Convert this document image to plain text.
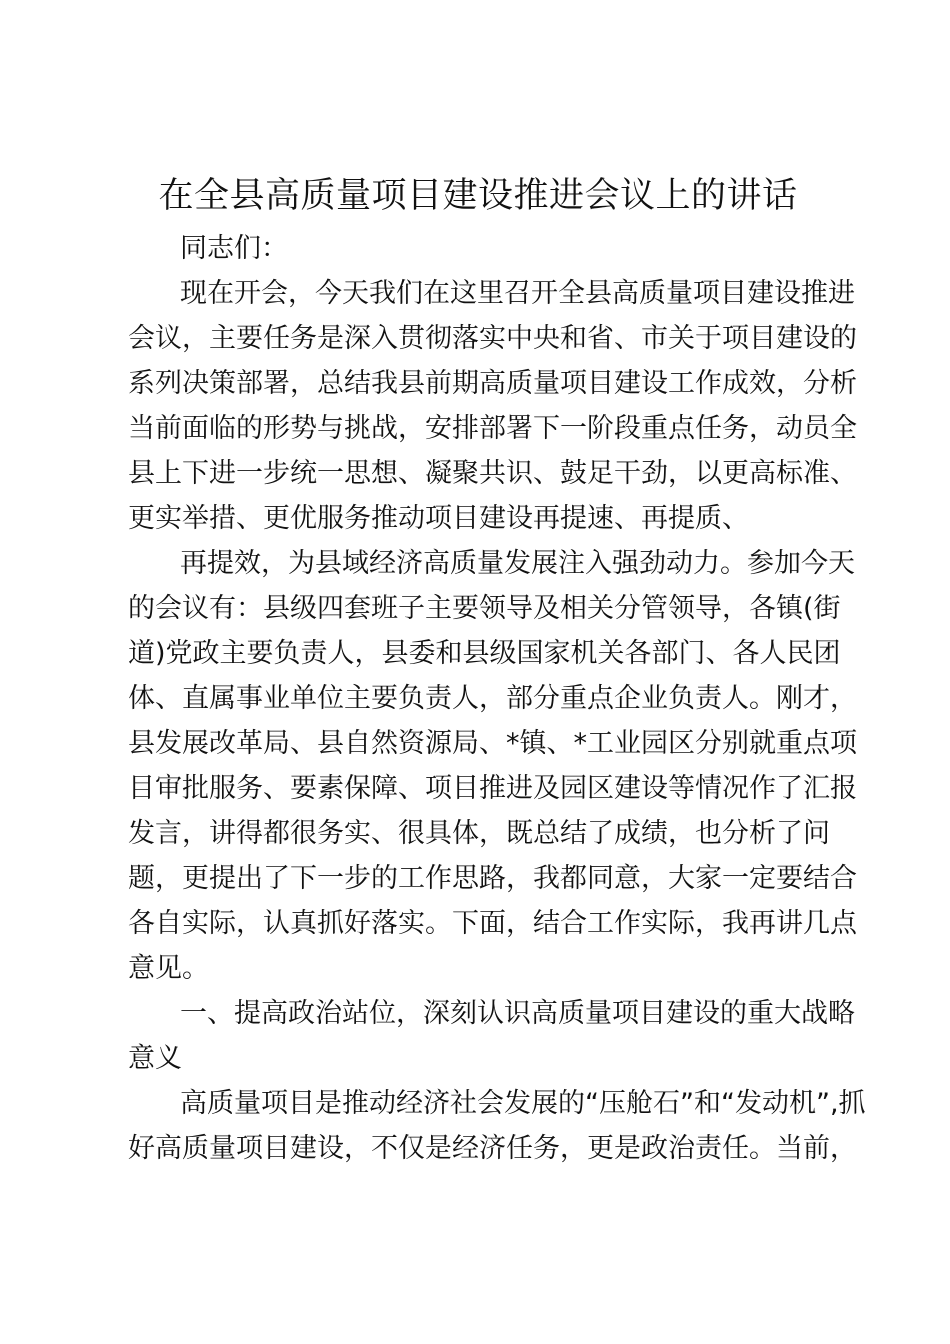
在全县高质量项目建设推进会议上的讲话
同志们：
现在开会，今天我们在这里召开全县高质量项目建设推进
会议，主要任务是深入贯彻落实中央和省、市关于项目建设的
系列决策部署，总结我县前期高质量项目建设工作成效，分析
当前面临的形势与挑战，安排部署下一阶段重点任务，动员全
县上下进一步统一思想、凝聚共识、鼓足干劲，以更高标准、
更实举措、更优服务推动项目建设再提速、再提质、
再提效，为县域经济高质量发展注入强劲动力。参加今天
的会议有：县级四套班子主要领导及相关分管领导，各镇(街
道)党政主要负责人，县委和县级国家机关各部门、各人民团
体、直属事业单位主要负责人，部分重点企业负责人。刚才，
县发展改革局、县自然资源局、*镇、*工业园区分别就重点项
目审批服务、要素保障、项目推进及园区建设等情况作了汇报
发言，讲得都很务实、很具体，既总结了成绩，也分析了问
题，更提出了下一步的工作思路，我都同意，大家一定要结合
各自实际，认真抓好落实。下面，结合工作实际，我再讲几点
意见。
一、提高政治站位，深刻认识高质量项目建设的重大战略
意义
高质量项目是推动经济社会发展的“压舱石”和“发动机”,抓
好高质量项目建设，不仅是经济任务，更是政治责任。当前，
